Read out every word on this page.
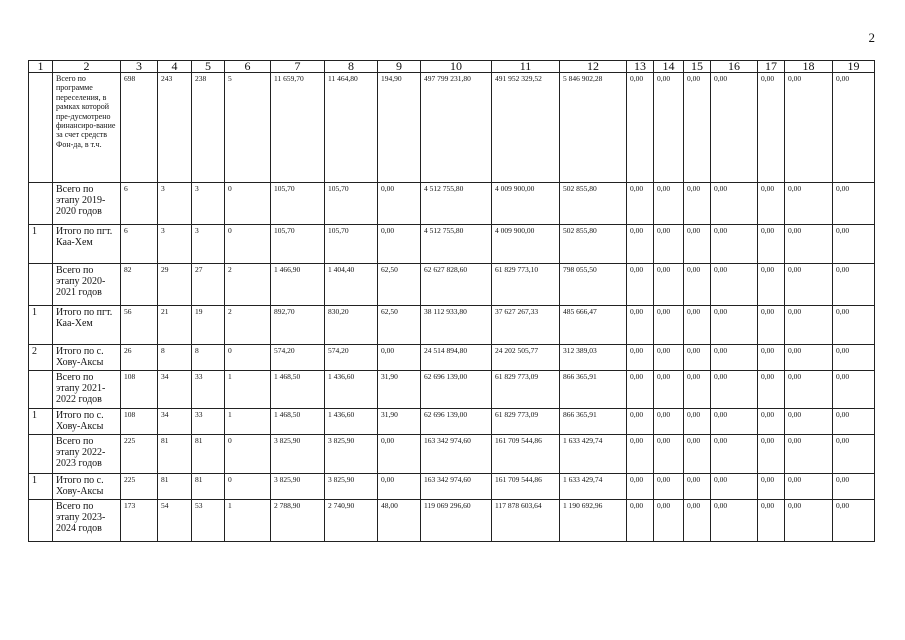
2
1	2	3	4	5	6	7	8	9	10	11	12	13	14	15	16	17	18	19
	Всего по программе переселения, в рамках которой пре-дусмотрено финансиро-вание за счет средств Фон-да, в т.ч.	698	243	238	5	11 659,70	11 464,80	194,90	497 799 231,80	491 952 329,52	5 846 902,28	0,00	0,00	0,00	0,00	0,00	0,00	0,00
	Всего по этапу 2019-2020 годов	6	3	3	0	105,70	105,70	0,00	4 512 755,80	4 009 900,00	502 855,80	0,00	0,00	0,00	0,00	0,00	0,00	0,00
1	Итого по пгт. Каа-Хем	6	3	3	0	105,70	105,70	0,00	4 512 755,80	4 009 900,00	502 855,80	0,00	0,00	0,00	0,00	0,00	0,00	0,00
	Всего по этапу 2020-2021 годов	82	29	27	2	1 466,90	1 404,40	62,50	62 627 828,60	61 829 773,10	798 055,50	0,00	0,00	0,00	0,00	0,00	0,00	0,00
1	Итого по пгт. Каа-Хем	56	21	19	2	892,70	830,20	62,50	38 112 933,80	37 627 267,33	485 666,47	0,00	0,00	0,00	0,00	0,00	0,00	0,00
2	Итого по с. Хову-Аксы	26	8	8	0	574,20	574,20	0,00	24 514 894,80	24 202 505,77	312 389,03	0,00	0,00	0,00	0,00	0,00	0,00	0,00
	Всего по этапу 2021-2022 годов	108	34	33	1	1 468,50	1 436,60	31,90	62 696 139,00	61 829 773,09	866 365,91	0,00	0,00	0,00	0,00	0,00	0,00	0,00
1	Итого по с. Хову-Аксы	108	34	33	1	1 468,50	1 436,60	31,90	62 696 139,00	61 829 773,09	866 365,91	0,00	0,00	0,00	0,00	0,00	0,00	0,00
	Всего по этапу 2022-2023 годов	225	81	81	0	3 825,90	3 825,90	0,00	163 342 974,60	161 709 544,86	1 633 429,74	0,00	0,00	0,00	0,00	0,00	0,00	0,00
1	Итого по с. Хову-Аксы	225	81	81	0	3 825,90	3 825,90	0,00	163 342 974,60	161 709 544,86	1 633 429,74	0,00	0,00	0,00	0,00	0,00	0,00	0,00
	Всего по этапу 2023-2024 годов	173	54	53	1	2 788,90	2 740,90	48,00	119 069 296,60	117 878 603,64	1 190 692,96	0,00	0,00	0,00	0,00	0,00	0,00	0,00
